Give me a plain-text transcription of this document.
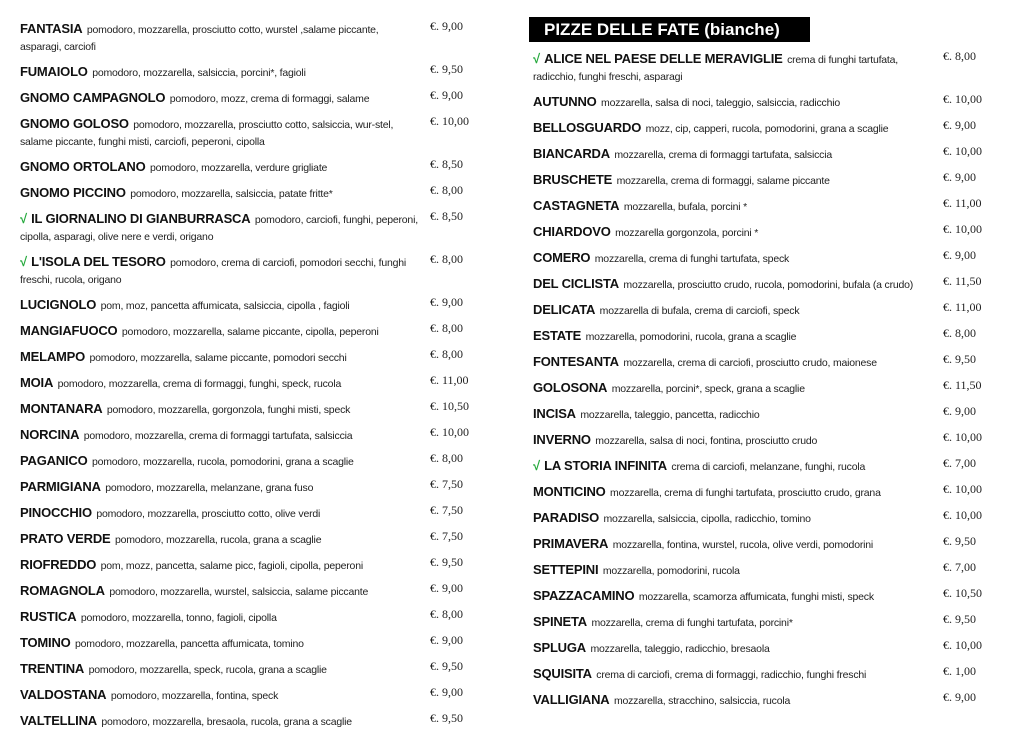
PIZZE DELLE FATE (bianche)
FANTASIA pomodoro, mozzarella, prosciutto cotto, wurstel ,salame piccante, asparagi, carciofi
€. 9,00
FUMAIOLO pomodoro, mozzarella, salsiccia, porcini*, fagioli	€. 9,50
GNOMO CAMPAGNOLO pomodoro, mozz, crema di formaggi, salame	€. 9,00
GNOMO GOLOSO pomodoro, mozzarella, prosciutto cotto, salsiccia, wur-stel, salame piccante, funghi misti, carciofi, peperoni, cipolla
€. 10,00
GNOMO ORTOLANO pomodoro, mozzarella, verdure grigliate	€. 8,50
GNOMO PICCINO pomodoro, mozzarella, salsiccia, patate fritte*	€. 8,00
√ IL GIORNALINO DI GIANBURRASCA pomodoro, carciofi, funghi, peperoni, cipolla, asparagi, olive nere e verdi, origano
€. 8,50
√ L'ISOLA DEL TESORO pomodoro, crema di carciofi, pomodori secchi, funghi freschi, rucola, origano
€. 8,00
LUCIGNOLO pom, moz, pancetta affumicata, salsiccia, cipolla , fagioli	€. 9,00
MANGIAFUOCO pomodoro, mozzarella, salame piccante, cipolla, peperoni	€. 8,00
MELAMPO pomodoro, mozzarella, salame piccante, pomodori secchi	€. 8,00
MOIA pomodoro, mozzarella, crema di formaggi, funghi, speck, rucola	€. 11,00
MONTANARA pomodoro, mozzarella, gorgonzola, funghi misti, speck	€. 10,50
NORCINA pomodoro, mozzarella, crema di formaggi tartufata, salsiccia	€. 10,00
PAGANICO pomodoro, mozzarella, rucola, pomodorini, grana a scaglie	€. 8,00
PARMIGIANA pomodoro, mozzarella, melanzane, grana fuso	€. 7,50
PINOCCHIO pomodoro, mozzarella, prosciutto cotto, olive verdi	€. 7,50
PRATO VERDE pomodoro, mozzarella, rucola, grana a scaglie	€. 7,50
RIOFREDDO pom, mozz, pancetta, salame picc, fagioli, cipolla, peperoni	€. 9,50
ROMAGNOLA pomodoro, mozzarella, wurstel, salsiccia, salame piccante	€. 9,00
RUSTICA pomodoro, mozzarella, tonno, fagioli, cipolla	€. 8,00
TOMINO pomodoro, mozzarella, pancetta affumicata, tomino	€. 9,00
TRENTINA pomodoro, mozzarella, speck, rucola, grana a scaglie	€. 9,50
VALDOSTANA pomodoro, mozzarella, fontina, speck	€. 9,00
VALTELLINA pomodoro, mozzarella, bresaola, rucola, grana a scaglie	€. 9,50
√ ALICE NEL PAESE DELLE MERAVIGLIE crema di funghi tartufata, radicchio, funghi freschi, asparagi
€. 8,00
AUTUNNO mozzarella, salsa di noci, taleggio, salsiccia, radicchio	€. 10,00
BELLOSGUARDO mozz, cip, capperi, rucola, pomodorini, grana a scaglie	€. 9,00
BIANCARDA mozzarella, crema di formaggi tartufata, salsiccia	€. 10,00
BRUSCHETE mozzarella, crema di formaggi, salame piccante	€. 9,00
CASTAGNETA mozzarella, bufala, porcini *	€. 11,00
CHIARDOVO mozzarella gorgonzola, porcini *	€. 10,00
COMERO mozzarella, crema di funghi tartufata, speck	€. 9,00
DEL CICLISTA mozzarella, prosciutto crudo, rucola, pomodorini, bufala (a crudo)	€. 11,50
DELICATA mozzarella di bufala, crema di carciofi, speck	€. 11,00
ESTATE mozzarella, pomodorini, rucola, grana a scaglie	€. 8,00
FONTESANTA mozzarella, crema di carciofi, prosciutto crudo, maionese	€. 9,50
GOLOSONA mozzarella, porcini*, speck, grana a scaglie	€. 11,50
INCISA mozzarella, taleggio, pancetta, radicchio	€. 9,00
INVERNO mozzarella, salsa di noci, fontina, prosciutto crudo	€. 10,00
√ LA STORIA INFINITA crema di carciofi, melanzane, funghi, rucola	€. 7,00
MONTICINO mozzarella, crema di funghi tartufata, prosciutto crudo, grana	€. 10,00
PARADISO mozzarella, salsiccia, cipolla, radicchio, tomino	€. 10,00
PRIMAVERA mozzarella, fontina, wurstel, rucola, olive verdi, pomodorini	€. 9,50
SETTEPINI mozzarella, pomodorini, rucola	€. 7,00
SPAZZACAMINO mozzarella, scamorza affumicata, funghi misti, speck	€. 10,50
SPINETA mozzarella, crema di funghi tartufata, porcini*	€. 9,50
SPLUGA mozzarella, taleggio, radicchio, bresaola	€. 10,00
SQUISITA crema di carciofi, crema di formaggi, radicchio, funghi freschi	€. 1,00
VALLIGIANA mozzarella, stracchino, salsiccia, rucola	€. 9,00
